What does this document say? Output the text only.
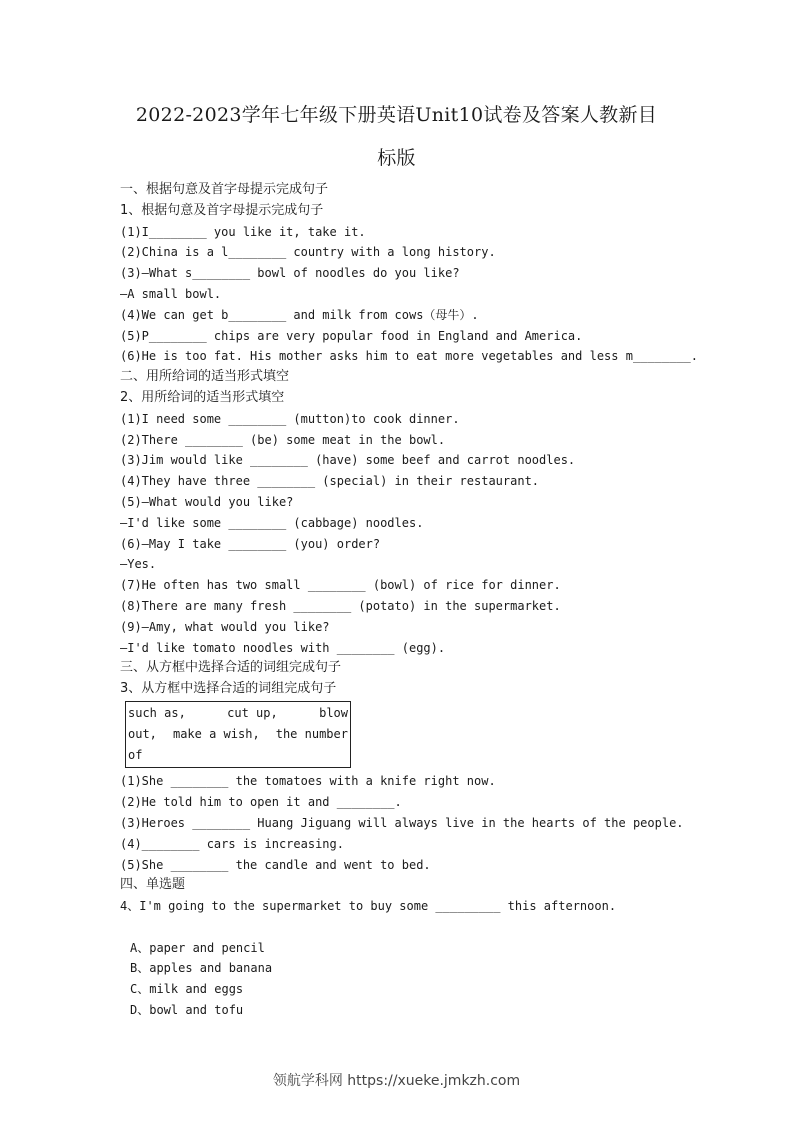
2022-2023学年七年级下册英语Unit10试卷及答案人教新目
标版
一、根据句意及首字母提示完成句子
1、根据句意及首字母提示完成句子
(1)I________ you like it, take it.
(2)China is a l________ country with a long history.
(3)—What s________ bowl of noodles do you like?
—A small bowl.
(4)We can get b________ and milk from cows（母牛）.
(5)P________ chips are very popular food in England and America.
(6)He is too fat. His mother asks him to eat more vegetables and less m________.
二、用所给词的适当形式填空
2、用所给词的适当形式填空
(1)I need some ________ (mutton)to cook dinner.
(2)There ________ (be) some meat in the bowl.
(3)Jim would like ________ (have) some beef and carrot noodles.
(4)They have three ________ (special) in their restaurant.
(5)—What would you like?
—I'd like some ________ (cabbage) noodles.
(6)—May I take ________ (you) order?
—Yes.
(7)He often has two small ________ (bowl) of rice for dinner.
(8)There are many fresh ________ (potato) in the supermarket.
(9)—Amy, what would you like?
—I'd like tomato noodles with ________ (egg).
三、从方框中选择合适的词组完成句子
3、从方框中选择合适的词组完成句子
such as,	cut up,	blow
out, make a wish, the number
of
(1)She ________ the tomatoes with a knife right now.
(2)He told him to open it and ________.
(3)Heroes ________ Huang Jiguang will always live in the hearts of the people.
(4)________ cars is increasing.
(5)She ________ the candle and went to bed.
四、单选题
4、I'm going to the supermarket to buy some _________ this afternoon.
A、paper and pencil
B、apples and banana
C、milk and eggs
D、bowl and tofu
领航学科网 https://xueke.jmkzh.com
